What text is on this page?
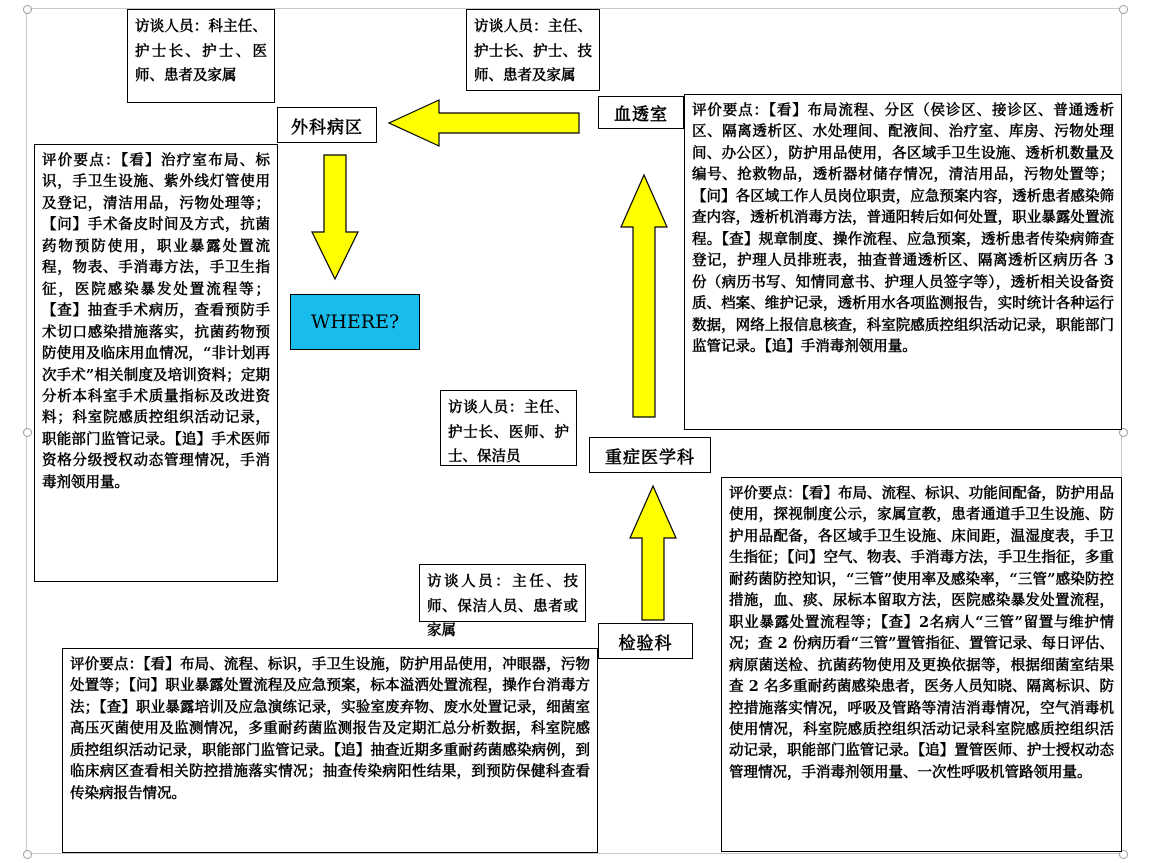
访谈人员：科主任、护士长、护士、医师、患者及家属
访谈人员：主任、护士长、护士、技师、患者及家属
访谈人员：主任、护士长、医师、护士、保洁员
访谈人员：主任、技师、保洁人员、患者或家属
外科病区
血透室
重症医学科
检验科
WHERE?
评价要点：【看】治疗室布局、标识，手卫生设施、紫外线灯管使用及登记，清洁用品，污物处理等；【问】手术备皮时间及方式，抗菌药物预防使用，职业暴露处置流程，物表、手消毒方法，手卫生指征，医院感染暴发处置流程等；【查】抽查手术病历，查看预防手术切口感染措施落实，抗菌药物预防使用及临床用血情况，“非计划再次手术”相关制度及培训资料；定期分析本科室手术质量指标及改进资料；科室院感质控组织活动记录，职能部门监管记录。【追】手术医师资格分级授权动态管理情况，手消毒剂领用量。
评价要点：【看】布局流程、分区（侯诊区、接诊区、普通透析区、隔离透析区、水处理间、配液间、治疗室、库房、污物处理间、办公区），防护用品使用，各区域手卫生设施、透析机数量及编号、抢救物品，透析器材储存情况，清洁用品，污物处置等；【问】各区域工作人员岗位职责，应急预案内容，透析患者感染筛查内容，透析机消毒方法，普通阳转后如何处置，职业暴露处置流程。【查】规章制度、操作流程、应急预案，透析患者传染病筛查登记，护理人员排班表，抽查普通透析区、隔离透析区病历各 3 份（病历书写、知情同意书、护理人员签字等），透析相关设备资质、档案、维护记录，透析用水各项监测报告，实时统计各种运行数据，网络上报信息核查，科室院感质控组织活动记录，职能部门监管记录。【追】手消毒剂领用量。
评价要点：【看】布局、流程、标识、功能间配备，防护用品使用，探视制度公示，家属宣教，患者通道手卫生设施、防护用品配备，各区域手卫生设施、床间距，温湿度表，手卫生指征；【问】空气、物表、手消毒方法，手卫生指征，多重耐药菌防控知识，“三管”使用率及感染率，“三管”感染防控措施，血、痰、尿标本留取方法，医院感染暴发处置流程，职业暴露处置流程等；【查】2名病人“三管”留置与维护情况；查 2 份病历看“三管”置管指征、置管记录、每日评估、病原菌送检、抗菌药物使用及更换依据等，根据细菌室结果查 2 名多重耐药菌感染患者，医务人员知晓、隔离标识、防控措施落实情况，呼吸及管路等清洁消毒情况，空气消毒机使用情况，科室院感质控组织活动记录科室院感质控组织活动记录，职能部门监管记录。【追】置管医师、护士授权动态管理情况，手消毒剂领用量、一次性呼吸机管路领用量。
评价要点：【看】布局、流程、标识，手卫生设施，防护用品使用，冲眼器，污物处置等；【问】职业暴露处置流程及应急预案，标本溢洒处置流程，操作台消毒方法；【查】职业暴露培训及应急演练记录，实验室废弃物、废水处置记录，细菌室高压灭菌使用及监测情况，多重耐药菌监测报告及定期汇总分析数据，科室院感质控组织活动记录，职能部门监管记录。【追】抽查近期多重耐药菌感染病例，到临床病区查看相关防控措施落实情况；抽查传染病阳性结果，到预防保健科查看传染病报告情况。
